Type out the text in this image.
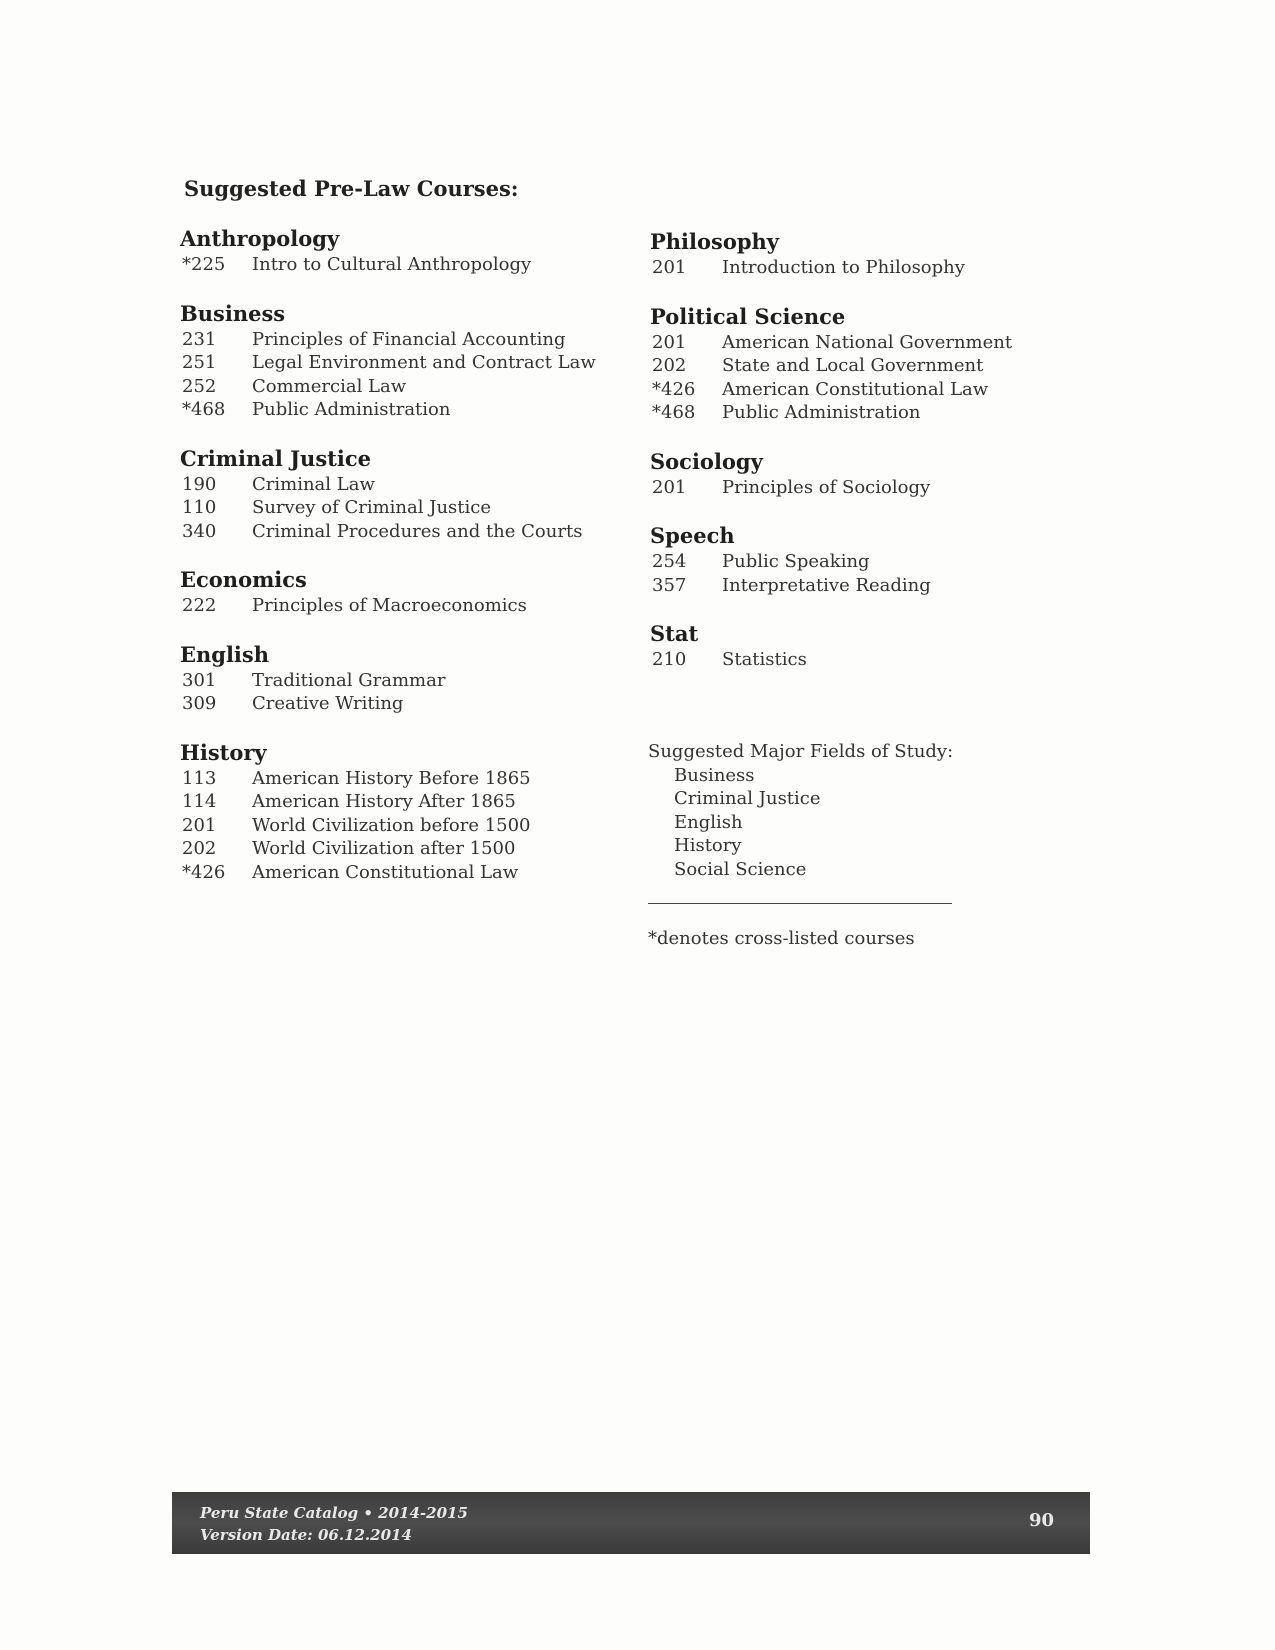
Suggested Pre-Law Courses:
Anthropology
*225	Intro to Cultural Anthropology
Business
231	Principles of Financial Accounting
251	Legal Environment and Contract Law
252	Commercial Law
*468	Public Administration
Criminal Justice
190	Criminal Law
110	Survey of Criminal Justice
340	Criminal Procedures and the Courts
Economics
222	Principles of Macroeconomics
English
301	Traditional Grammar
309	Creative Writing
History
113	American History Before 1865
114	American History After 1865
201	World Civilization before 1500
202	World Civilization after 1500
*426	American Constitutional Law
Philosophy
201	Introduction to Philosophy
Political Science
201	American National Government
202	State and Local Government
*426	American Constitutional Law
*468	Public Administration
Sociology
201	Principles of Sociology
Speech
254	Public Speaking
357	Interpretative Reading
Stat
210	Statistics
Suggested Major Fields of Study:
Business
Criminal Justice
English
History
Social Science
*denotes cross-listed courses
Peru State Catalog • 2014-2015
Version Date: 06.12.2014
90
